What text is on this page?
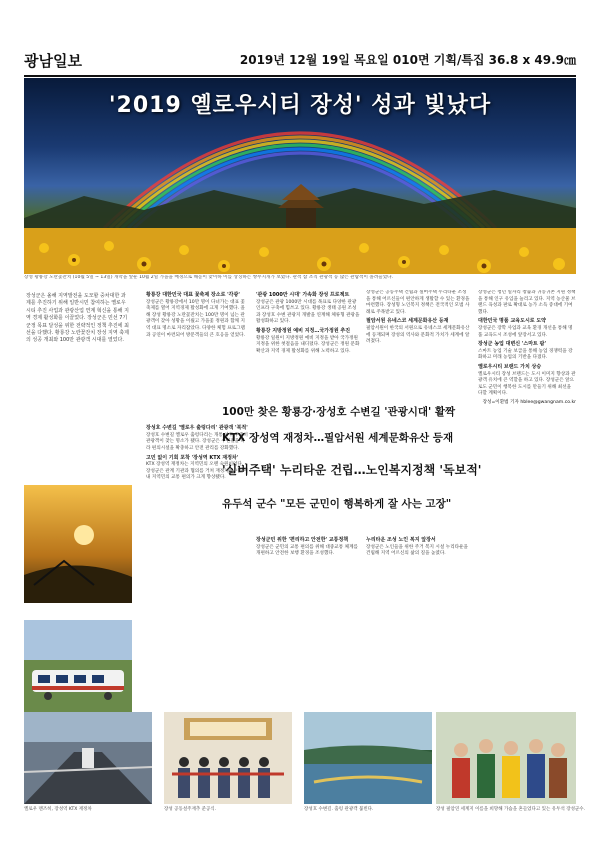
광남일보	2019년 12월 19일 목요일 010면 기획/특집 36.8 x 49.9㎝
'2019 옐로우시티 장성' 성과 빛났다
장성 황룡강 노란꽃잔치 (10월 5일 ~ 13일) 개막을 앞둔 10월 2일 가을을 배경으로 해돋이 맞이하 이를 상징하는 쌍무지개가 보였다. 관객 참 조직 관광객 등 많은 관람객이 몰려들었다.

장성군은 올해 지역발전을 도모할 중차대한 과제를 추진하기 위해 일반시민 참여하는 옐로우시티 추진 사업과 관광산업 연계 혁신을 통해 지역 경제 활성화를 이끌었다. 장성군은 민선 7기 군정 목표 달성을 위한 전략적인 정책 추진에 최선을 다했다. 황룡강 노란꽃잔치 장성 지역 축제의 성공 개최와 100만 관광객 시대를 열었다.

황룡강 대한민국 대표 꽃축제 장소로 '각광'

장성군은 황룡강에서 10만 명이 다녀가는 대표 꽃축제를 열어 지역경제 활성화에 크게 기여했다. 올해 장성 황룡강 노란꽃잔치는 100만 명이 넘는 관광객이 찾아 성황을 이뤘고 가을꽃 정원과 함께 지역 대표 명소로 자리잡았다. 다양한 체험 프로그램과 공연이 마련되어 방문객들의 큰 호응을 얻었다.

장성호 수변길 '옐로우 출렁다리' 관광객 '북적'

장성호 수변길 옐로우 출렁다리는 개통 이후 꾸준히 관광객이 찾는 명소가 됐다. 장성군은 수변길을 따라 편의시설을 확충하고 안전 관리를 강화했다.

고민 없이 기회 포착 '장성역 KTX 재정차'

KTX 장성역 재정차는 지역민의 오랜 숙원이었다. 장성군은 관계 기관과 협의를 거쳐 재정차를 이끌어내 지역민의 교통 편의가 크게 향상됐다.

'관광 1000만 시대' 가속화 장성 프로젝트

장성군은 관광 1000만 시대를 목표로 다양한 관광 인프라 구축에 힘쓰고 있다. 황룡강 생태 공원 조성과 장성호 수변 관광지 개발을 연계해 체류형 관광을 활성화하고 있다.

황룡강 지방정원 예비 지정…국가정원 추진

황룡강 일원이 지방정원 예비 지정을 받아 국가정원 지정을 위한 첫걸음을 내디뎠다. 장성군은 정원 문화 확산과 지역 경제 활성화를 위해 노력하고 있다.

장성군민 위한 '편리하고 안전한' 교통정책

장성군은 군민의 교통 편의를 위해 대중교통 체계를 개편하고 안전한 보행 환경을 조성했다.

장성군은 공동주택 건립과 실버주택 누리타운 조성을 통해 어르신들이 편안하게 생활할 수 있는 환경을 마련했다. 장성형 노인복지 정책은 전국적인 모범 사례로 주목받고 있다.

필암서원 유네스코 세계문화유산 등재

필암서원이 한국의 서원으로 유네스코 세계문화유산에 등재되며 장성의 역사와 문화적 가치가 세계에 알려졌다.

누리타운 조성 노인 복지 앞장서

장성군은 노인들을 위한 주거 복지 시설 누리타운을 건립해 지역 어르신의 삶의 질을 높였다.

장성군은 청년 일자리 창출과 귀농귀촌 지원 정책을 통해 인구 유입을 늘리고 있다. 지역 농산물 브랜드 육성과 판로 확대로 농가 소득 증대에 기여했다.

대한민국 명품 교육도시로 도약

장성군은 장학 사업과 교육 환경 개선을 통해 명품 교육도시 조성에 앞장서고 있다.

장성군 농업 대변신 '스마트 팜'

스마트 농업 기술 보급을 통해 농업 경쟁력을 강화하고 미래 농업의 기반을 다졌다.

옐로우시티 브랜드 가치 상승

옐로우시티 장성 브랜드는 도시 이미지 향상과 관광객 유치에 큰 역할을 하고 있다. 장성군은 앞으로도 군민이 행복한 도시를 만들기 위해 최선을 다할 계획이다.

장성=이환법 기자 hblee@gwangnam.co.kr

100만 찾은 황룡강·장성호 수변길 '관광시대' 활짝
KTX 장성역 재정차…필암서원 세계문화유산 등재
'실버주택' 누리타운 건립…노인복지정책 '독보적'
유두석 군수 "모든 군민이 행복하게 잘 사는 고장"
옐로우 맨즈히, 장성역 KTX 재정차	장성 공동설주재추 준공식.	장성호 수변길. 출렁 관광객 붐빈다.	장성 필암연 세계지 이름을 희망해 가슴을 흔들었다고 있는 유두석 장성군수.
